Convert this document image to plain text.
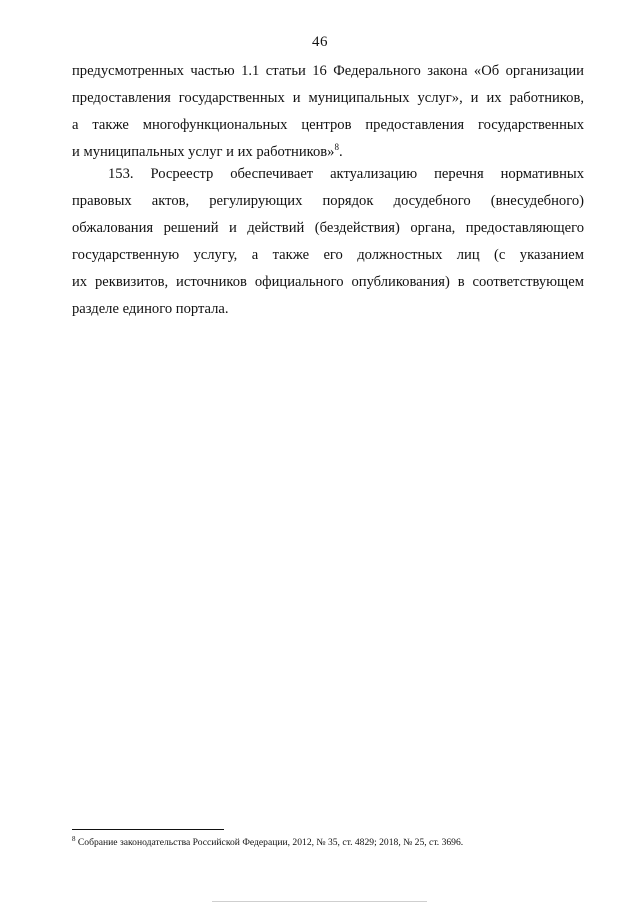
46
предусмотренных частью 1.1 статьи 16 Федерального закона «Об организации
предоставления государственных и муниципальных услуг», и их работников,
а также многофункциональных центров предоставления государственных
и муниципальных услуг и их работников»$^8$.
153. Росреестр обеспечивает актуализацию перечня нормативных
правовых актов, регулирующих порядок досудебного (внесудебного)
обжалования решений и действий (бездействия) органа, предоставляющего
государственную услугу, а также его должностных лиц (с указанием
их реквизитов, источников официального опубликования) в соответствующем
разделе единого портала.
$^8$ Собрание законодательства Российской Федерации, 2012, № 35, ст. 4829; 2018, № 25, ст. 3696.
